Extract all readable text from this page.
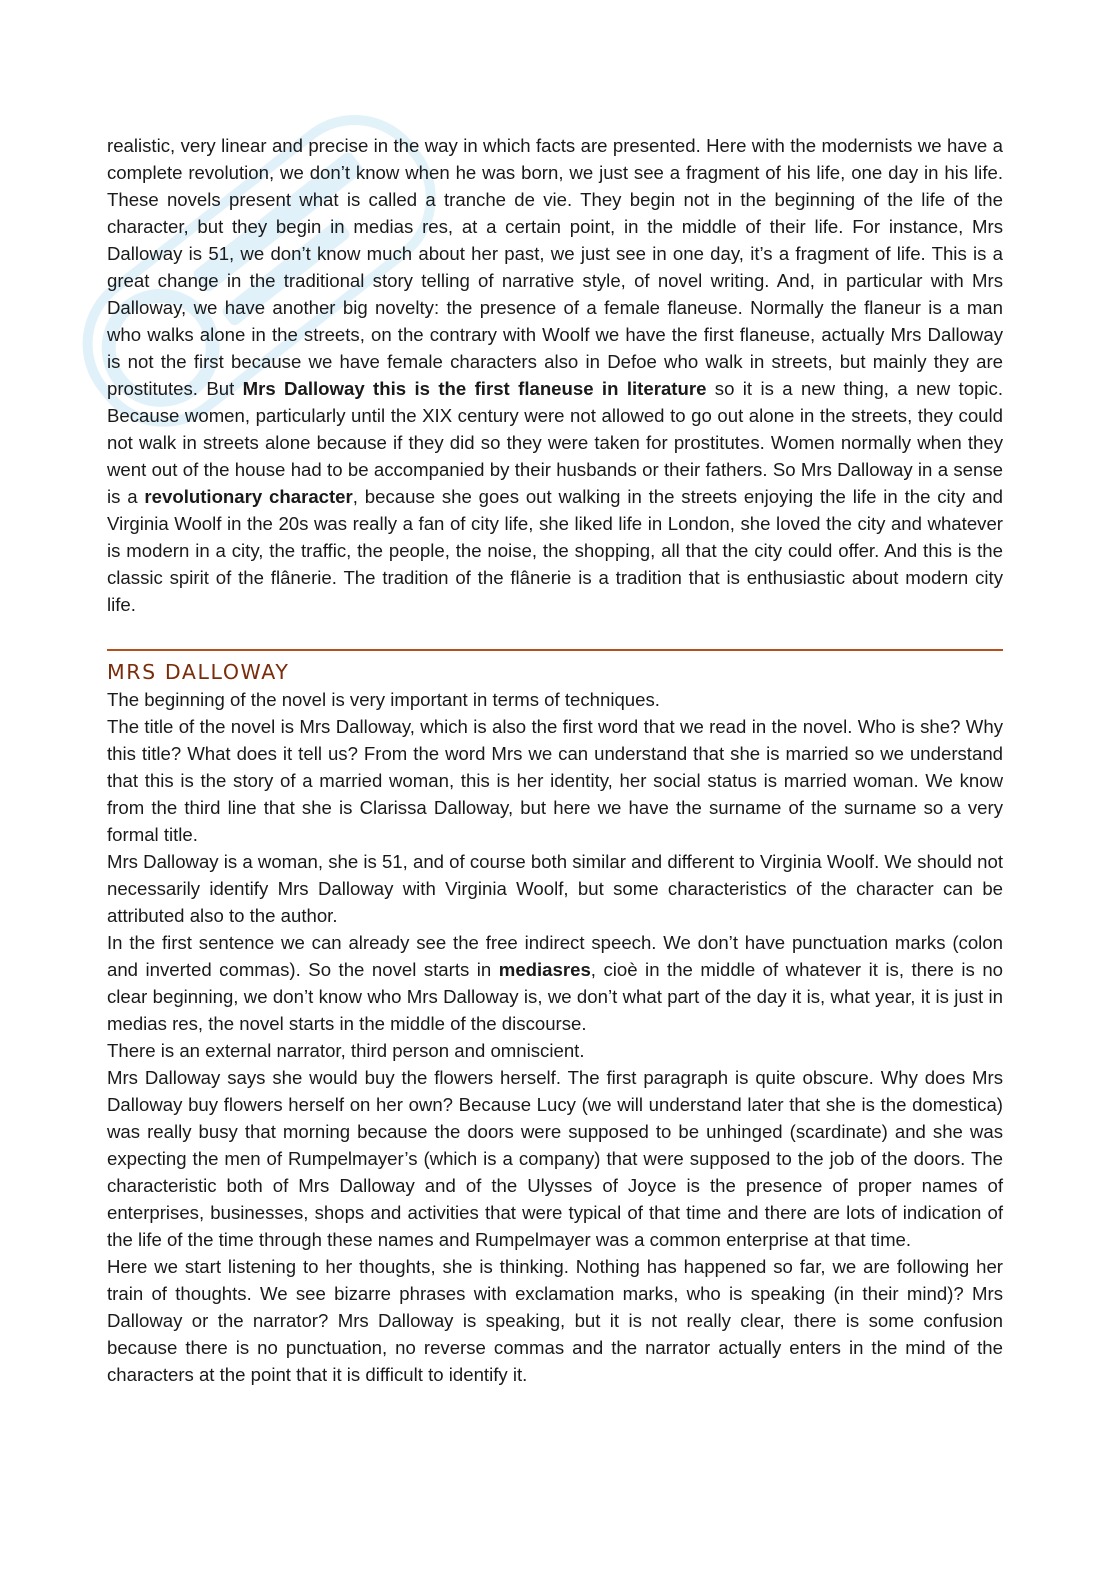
realistic, very linear and precise in the way in which facts are presented. Here with the modernists we have a complete revolution, we don’t know when he was born, we just see a fragment of his life, one day in his life. These novels present what is called a tranche de vie. They begin not in the beginning of the life of the character, but they begin in medias res, at a certain point, in the middle of their life. For instance, Mrs Dalloway is 51, we don’t know much about her past, we just see in one day, it’s a fragment of life. This is a great change in the traditional story telling of narrative style, of novel writing. And, in particular with Mrs Dalloway, we have another big novelty: the presence of a female flaneuse. Normally the flaneur is a man who walks alone in the streets, on the contrary with Woolf we have the first flaneuse, actually Mrs Dalloway is not the first because we have female characters also in Defoe who walk in streets, but mainly they are prostitutes. But Mrs Dalloway this is the first flaneuse in literature so it is a new thing, a new topic. Because women, particularly until the XIX century were not allowed to go out alone in the streets, they could not walk in streets alone because if they did so they were taken for prostitutes. Women normally when they went out of the house had to be accompanied by their husbands or their fathers. So Mrs Dalloway in a sense is a revolutionary character, because she goes out walking in the streets enjoying the life in the city and Virginia Woolf in the 20s was really a fan of city life, she liked life in London, she loved the city and whatever is modern in a city, the traffic, the people, the noise, the shopping, all that the city could offer. And this is the classic spirit of the flânerie. The tradition of the flânerie is a tradition that is enthusiastic about modern city life.

MRS DALLOWAY

The beginning of the novel is very important in terms of techniques.

The title of the novel is Mrs Dalloway, which is also the first word that we read in the novel. Who is she? Why this title? What does it tell us? From the word Mrs we can understand that she is married so we understand that this is the story of a married woman, this is her identity, her social status is married woman. We know from the third line that she is Clarissa Dalloway, but here we have the surname of the surname so a very formal title.

Mrs Dalloway is a woman, she is 51, and of course both similar and different to Virginia Woolf. We should not necessarily identify Mrs Dalloway with Virginia Woolf, but some characteristics of the character can be attributed also to the author.

In the first sentence we can already see the free indirect speech. We don’t have punctuation marks (colon and inverted commas). So the novel starts in mediasres, cioè in the middle of whatever it is, there is no clear beginning, we don’t know who Mrs Dalloway is, we don’t what part of the day it is, what year, it is just in medias res, the novel starts in the middle of the discourse.

There is an external narrator, third person and omniscient.

Mrs Dalloway says she would buy the flowers herself. The first paragraph is quite obscure. Why does Mrs Dalloway buy flowers herself on her own? Because Lucy (we will understand later that she is the domestica) was really busy that morning because the doors were supposed to be unhinged (scardinate) and she was expecting the men of Rumpelmayer’s (which is a company) that were supposed to the job of the doors. The characteristic both of Mrs Dalloway and of the Ulysses of Joyce is the presence of proper names of enterprises, businesses, shops and activities that were typical of that time and there are lots of indication of the life of the time through these names and Rumpelmayer was a common enterprise at that time.

Here we start listening to her thoughts, she is thinking. Nothing has happened so far, we are following her train of thoughts. We see bizarre phrases with exclamation marks, who is speaking (in their mind)? Mrs Dalloway or the narrator? Mrs Dalloway is speaking, but it is not really clear, there is some confusion because there is no punctuation, no reverse commas and the narrator actually enters in the mind of the characters at the point that it is difficult to identify it.
